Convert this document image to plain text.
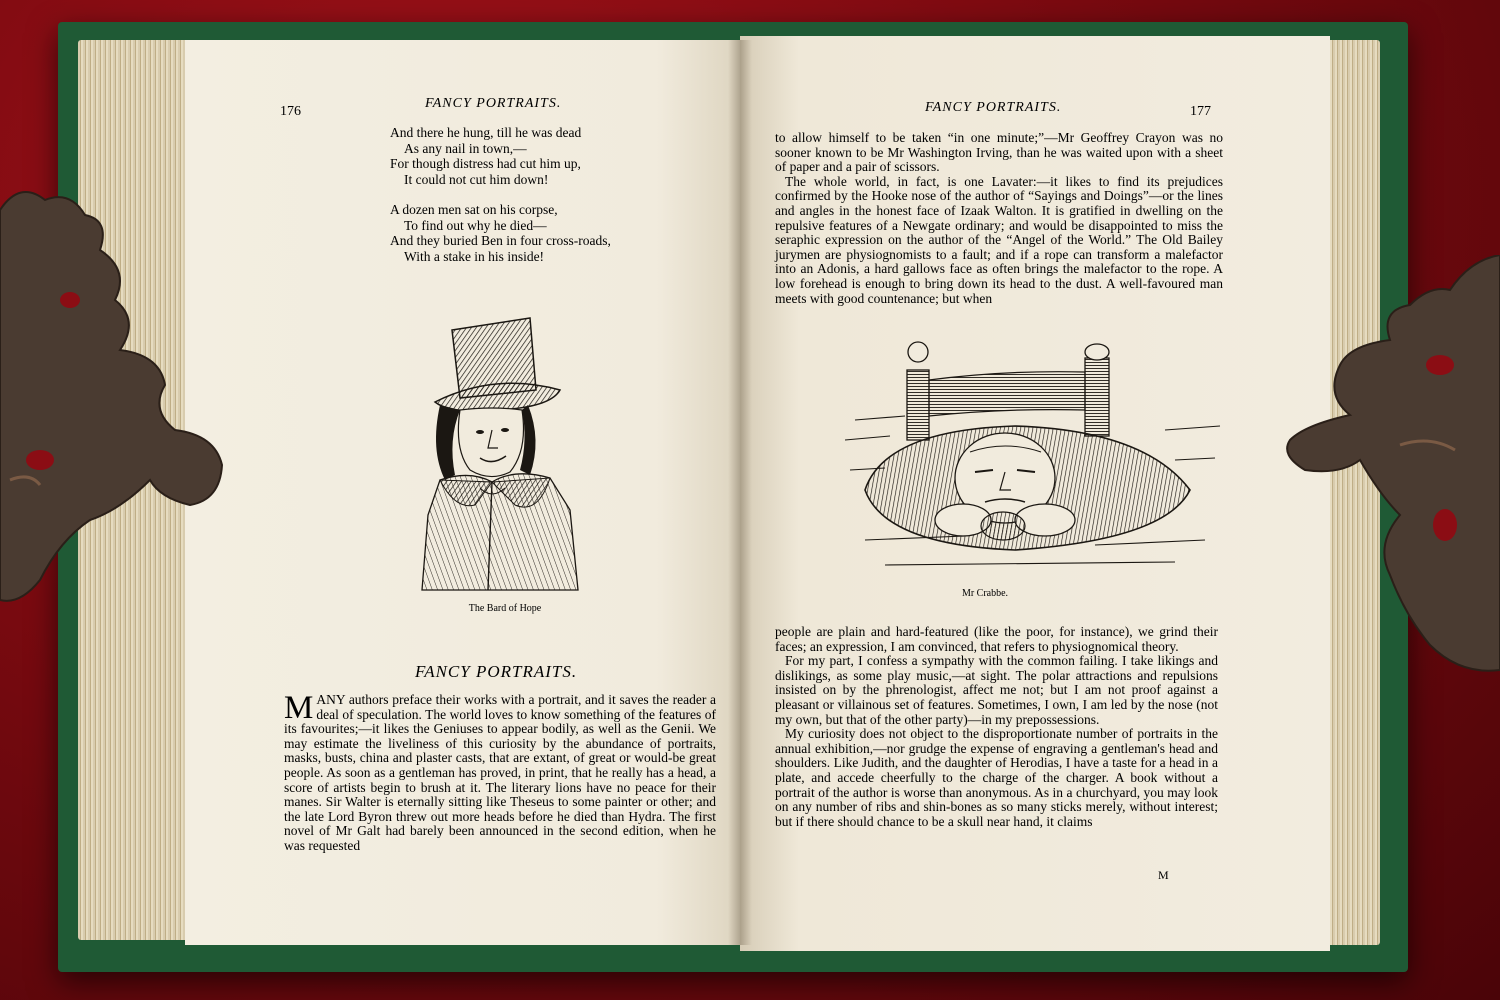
176
FANCY PORTRAITS.
And there he hung, till he was dead
As any nail in town,—
For though distress had cut him up,
It could not cut him down!
A dozen men sat on his corpse,
To find out why he died—
And they buried Ben in four cross-roads,
With a stake in his inside!
The Bard of Hope
FANCY PORTRAITS.

MANY authors preface their works with a portrait, and it saves the reader a deal of speculation. The world loves to know something of the features of its favourites;—it likes the Geniuses to appear bodily, as well as the Genii. We may estimate the liveliness of this curiosity by the abundance of portraits, masks, busts, china and plaster casts, that are extant, of great or would-be great people. As soon as a gentleman has proved, in print, that he really has a head, a score of artists begin to brush at it. The literary lions have no peace for their manes. Sir Walter is eternally sitting like Theseus to some painter or other; and the late Lord Byron threw out more heads before he died than Hydra. The first novel of Mr Galt had barely been announced in the second edition, when he was requested

FANCY PORTRAITS.	177

to allow himself to be taken “in one minute;”—Mr Geoffrey Crayon was no sooner known to be Mr Washington Irving, than he was waited upon with a sheet of paper and a pair of scissors.

The whole world, in fact, is one Lavater:—it likes to find its prejudices confirmed by the Hooke nose of the author of “Sayings and Doings”—or the lines and angles in the honest face of Izaak Walton. It is gratified in dwelling on the repulsive features of a Newgate ordinary; and would be disappointed to miss the seraphic expression on the author of the “Angel of the World.” The Old Bailey jurymen are physiognomists to a fault; and if a rope can transform a malefactor into an Adonis, a hard gallows face as often brings the malefactor to the rope. A low forehead is enough to bring down its head to the dust. A well-favoured man meets with good countenance; but when

Mr Crabbe.

people are plain and hard-featured (like the poor, for instance), we grind their faces; an expression, I am convinced, that refers to physiognomical theory.

For my part, I confess a sympathy with the common failing. I take likings and dislikings, as some play music,—at sight. The polar attractions and repulsions insisted on by the phrenologist, affect me not; but I am not proof against a pleasant or villainous set of features. Sometimes, I own, I am led by the nose (not my own, but that of the other party)—in my prepossessions.

My curiosity does not object to the disproportionate number of portraits in the annual exhibition,—nor grudge the expense of engraving a gentleman's head and shoulders. Like Judith, and the daughter of Herodias, I have a taste for a head in a plate, and accede cheerfully to the charge of the charger. A book without a portrait of the author is worse than anonymous. As in a churchyard, you may look on any number of ribs and shin-bones as so many sticks merely, without interest; but if there should chance to be a skull near hand, it claims

M
